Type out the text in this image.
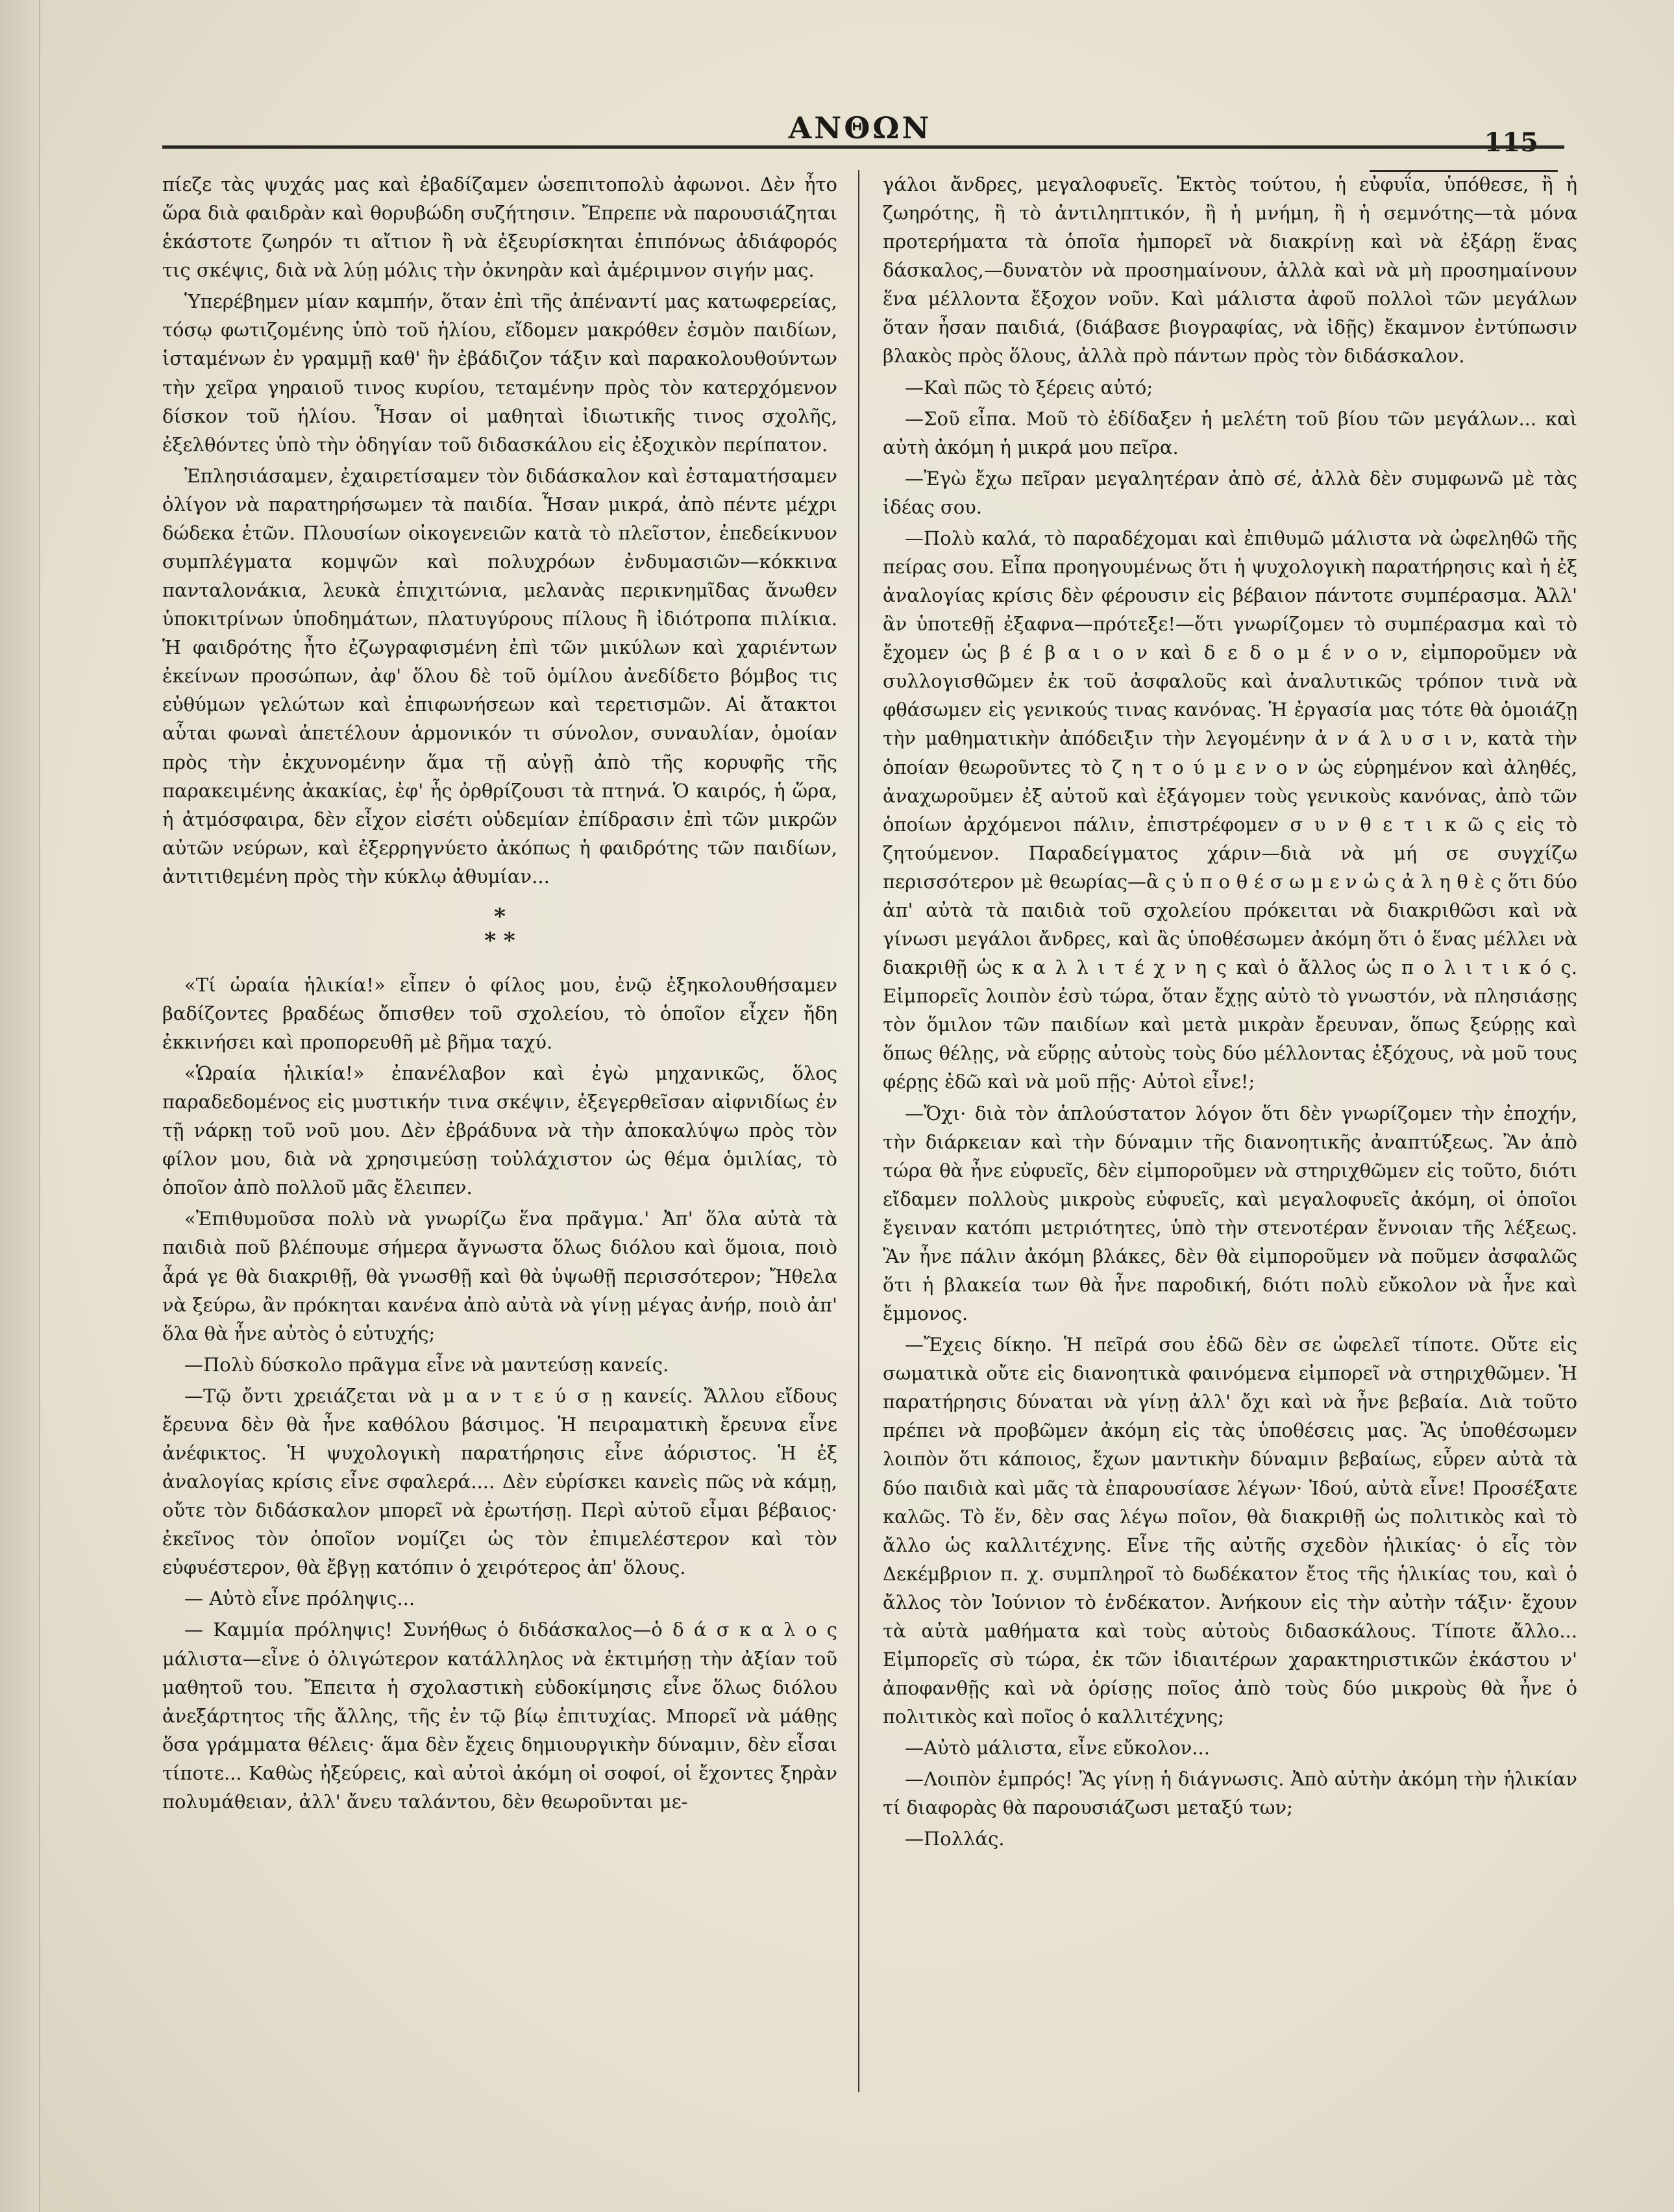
ΑΝΘΩΝ	115

πίεζε τὰς ψυχάς μας καὶ ἐβαδίζαμεν ὡσεπιτοπολὺ ἀφωνοι. Δὲν ἦτο ὥρα διὰ φαιδρὰν καὶ θορυβώδη συζήτησιν. Ἔπρεπε νὰ παρουσιάζηται ἑκάστοτε ζωηρόν τι αἴτιον ἢ νὰ ἐξευρίσκηται ἐπιπόνως ἀδιάφορός τις σκέψις, διὰ νὰ λύῃ μόλις τὴν ὀκνηρὰν καὶ ἀμέριμνον σιγήν μας.

Ὑπερέβημεν μίαν καμπήν, ὅταν ἐπὶ τῆς ἀπέναντί μας κατωφερείας, τόσῳ φωτιζομένης ὑπὸ τοῦ ἡλίου, εἴδομεν μακρόθεν ἐσμὸν παιδίων, ἱσταμένων ἐν γραμμῇ καθ' ἣν ἐβάδιζον τάξιν καὶ παρακολουθούντων τὴν χεῖρα γηραιοῦ τινος κυρίου, τεταμένην πρὸς τὸν κατερχόμενον δίσκον τοῦ ἡλίου. Ἦσαν οἱ μαθηταὶ ἰδιωτικῆς τινος σχολῆς, ἐξελθόντες ὑπὸ τὴν ὁδηγίαν τοῦ διδασκάλου εἰς ἐξοχικὸν περίπατον.

Ἐπλησιάσαμεν, ἐχαιρετίσαμεν τὸν διδάσκαλον καὶ ἐσταματήσαμεν ὀλίγον νὰ παρατηρήσωμεν τὰ παιδία. Ἦσαν μικρά, ἀπὸ πέντε μέχρι δώδεκα ἐτῶν. Πλουσίων οἰκογενειῶν κατὰ τὸ πλεῖστον, ἐπεδείκνυον συμπλέγματα κομψῶν καὶ πολυχρόων ἐνδυμασιῶν—κόκκινα πανταλονάκια, λευκὰ ἐπιχιτώνια, μελανὰς περικνημῖδας ἄνωθεν ὑποκιτρίνων ὑποδημάτων, πλατυγύρους πίλους ἢ ἰδιότροπα πιλίκια. Ἡ φαιδρότης ἦτο ἐζωγραφισμένη ἐπὶ τῶν μικύλων καὶ χαριέντων ἐκείνων προσώπων, ἀφ' ὅλου δὲ τοῦ ὁμίλου ἀνεδίδετο βόμβος τις εὐθύμων γελώτων καὶ ἐπιφωνήσεων καὶ τερετισμῶν. Αἱ ἄτακτοι αὗται φωναὶ ἀπετέλουν ἁρμονικόν τι σύνολον, συναυλίαν, ὁμοίαν πρὸς τὴν ἐκχυνομένην ἅμα τῇ αὐγῇ ἀπὸ τῆς κορυφῆς τῆς παρακειμένης ἀκακίας, ἐφ' ἧς ὀρθρίζουσι τὰ πτηνά. Ὁ καιρός, ἡ ὥρα, ἡ ἀτμόσφαιρα, δὲν εἶχον εἰσέτι οὐδεμίαν ἐπίδρασιν ἐπὶ τῶν μικρῶν αὐτῶν νεύρων, καὶ ἐξερρηγνύετο ἀκόπως ἡ φαιδρότης τῶν παιδίων, ἀντιτιθεμένη πρὸς τὴν κύκλῳ ἀθυμίαν...

*
* *

«Τί ὡραία ἡλικία!» εἶπεν ὁ φίλος μου, ἐνῷ ἐξηκολουθήσαμεν βαδίζοντες βραδέως ὄπισθεν τοῦ σχολείου, τὸ ὁποῖον εἶχεν ἤδη ἐκκινήσει καὶ προπορευθῆ μὲ βῆμα ταχύ.

«Ὡραία ἡλικία!» ἐπανέλαβον καὶ ἐγὼ μηχανικῶς, ὅλος παραδεδομένος εἰς μυστικήν τινα σκέψιν, ἐξεγερθεῖσαν αἰφνιδίως ἐν τῇ νάρκῃ τοῦ νοῦ μου. Δὲν ἐβράδυνα νὰ τὴν ἀποκαλύψω πρὸς τὸν φίλον μου, διὰ νὰ χρησιμεύσῃ τοὐλάχιστον ὡς θέμα ὁμιλίας, τὸ ὁποῖον ἀπὸ πολλοῦ μᾶς ἔλειπεν.

«Ἐπιθυμοῦσα πολὺ νὰ γνωρίζω ἕνα πρᾶγμα.' Ἀπ' ὅλα αὐτὰ τὰ παιδιὰ ποῦ βλέπουμε σήμερα ἄγνωστα ὅλως διόλου καὶ ὅμοια, ποιὸ ἆρά γε θὰ διακριθῇ, θὰ γνωσθῇ καὶ θὰ ὑψωθῇ περισσότερον; Ἤθελα νὰ ξεύρω, ἂν πρόκηται κανένα ἀπὸ αὐτὰ νὰ γίνῃ μέγας ἀνήρ, ποιὸ ἀπ' ὅλα θὰ ἦνε αὐτὸς ὁ εὐτυχής;

—Πολὺ δύσκολο πρᾶγμα εἶνε νὰ μαντεύσῃ κανείς.

—Τῷ ὄντι χρειάζεται νὰ μ α ν τ ε ύ σ ῃ κανείς. Ἄλλου εἴδους ἔρευνα δὲν θὰ ἦνε καθόλου βάσιμος. Ἡ πειραματικὴ ἔρευνα εἶνε ἀνέφικτος. Ἡ ψυχολογικὴ παρατήρησις εἶνε ἀόριστος. Ἡ ἐξ ἀναλογίας κρίσις εἶνε σφαλερά.... Δὲν εὑρίσκει κανεὶς πῶς νὰ κάμῃ, οὔτε τὸν διδάσκαλον μπορεῖ νὰ ἐρωτήσῃ. Περὶ αὐτοῦ εἶμαι βέβαιος· ἐκεῖνος τὸν ὁποῖον νομίζει ὡς τὸν ἐπιμελέστερον καὶ τὸν εὐφυέστερον, θὰ ἔβγῃ κατόπιν ὁ χειρότερος ἀπ' ὅλους.

— Αὐτὸ εἶνε πρόληψις...

— Καμμία πρόληψις! Συνήθως ὁ διδάσκαλος—ὁ δ ά σ κ α λ ο ς μάλιστα—εἶνε ὁ ὀλιγώτερον κατάλληλος νὰ ἐκτιμήσῃ τὴν ἀξίαν τοῦ μαθητοῦ του. Ἔπειτα ἡ σχολαστικὴ εὐδοκίμησις εἶνε ὅλως διόλου ἀνεξάρτητος τῆς ἄλλης, τῆς ἐν τῷ βίῳ ἐπιτυχίας. Μπορεῖ νὰ μάθῃς ὅσα γράμματα θέλεις· ἅμα δὲν ἔχεις δημιουργικὴν δύναμιν, δὲν εἶσαι τίποτε... Καθὼς ἠξεύρεις, καὶ αὐτοὶ ἀκόμη οἱ σοφοί, οἱ ἔχοντες ξηρὰν πολυμάθειαν, ἀλλ' ἄνευ ταλάντου, δὲν θεωροῦνται με-

γάλοι ἄνδρες, μεγαλοφυεῖς. Ἐκτὸς τούτου, ἡ εὐφυΐα, ὑπόθεσε, ἢ ἡ ζωηρότης, ἢ τὸ ἀντιληπτικόν, ἢ ἡ μνήμη, ἢ ἡ σεμνότης—τὰ μόνα προτερήματα τὰ ὁποῖα ἠμπορεῖ νὰ διακρίνῃ καὶ νὰ ἐξάρῃ ἕνας δάσκαλος,—δυνατὸν νὰ προσημαίνουν, ἀλλὰ καὶ νὰ μὴ προσημαίνουν ἕνα μέλλοντα ἔξοχον νοῦν. Καὶ μάλιστα ἀφοῦ πολλοὶ τῶν μεγάλων ὅταν ἦσαν παιδιά, (διάβασε βιογραφίας, νὰ ἰδῇς) ἔκαμνον ἐντύπωσιν βλακὸς πρὸς ὅλους, ἀλλὰ πρὸ πάντων πρὸς τὸν διδάσκαλον.

—Καὶ πῶς τὸ ξέρεις αὐτό;

—Σοῦ εἶπα. Μοῦ τὸ ἐδίδαξεν ἡ μελέτη τοῦ βίου τῶν μεγάλων... καὶ αὐτὴ ἀκόμη ἡ μικρά μου πεῖρα.

—Ἐγὼ ἔχω πεῖραν μεγαλητέραν ἀπὸ σέ, ἀλλὰ δὲν συμφωνῶ μὲ τὰς ἰδέας σου.

—Πολὺ καλά, τὸ παραδέχομαι καὶ ἐπιθυμῶ μάλιστα νὰ ὠφεληθῶ τῆς πείρας σου. Εἶπα προηγουμένως ὅτι ἡ ψυχολογικὴ παρατήρησις καὶ ἡ ἐξ ἀναλογίας κρίσις δὲν φέρουσιν εἰς βέβαιον πάντοτε συμπέρασμα. Ἀλλ' ἂν ὑποτεθῇ ἐξαφνα—πρότεξε!—ὅτι γνωρίζομεν τὸ συμπέρασμα καὶ τὸ ἔχομεν ὡς β έ β α ι ο ν καὶ δ ε δ ο μ έ ν ο ν, εἰμποροῦμεν νὰ συλλογισθῶμεν ἐκ τοῦ ἀσφαλοῦς καὶ ἀναλυτικῶς τρόπον τινὰ νὰ φθάσωμεν εἰς γενικούς τινας κανόνας. Ἡ ἐργασία μας τότε θὰ ὁμοιάζῃ τὴν μαθηματικὴν ἀπόδειξιν τὴν λεγομένην ἀ ν ά λ υ σ ι ν, κατὰ τὴν ὁποίαν θεωροῦντες τὸ ζ η τ ο ύ μ ε ν ο ν ὡς εὑρημένον καὶ ἀληθές, ἀναχωροῦμεν ἐξ αὐτοῦ καὶ ἐξάγομεν τοὺς γενικοὺς κανόνας, ἀπὸ τῶν ὁποίων ἀρχόμενοι πάλιν, ἐπιστρέφομεν σ υ ν θ ε τ ι κ ῶ ς εἰς τὸ ζητούμενον. Παραδείγματος χάριν—διὰ νὰ μή σε συγχίζω περισσότερον μὲ θεωρίας—ἂ ς ὑ π ο θ έ σ ω μ ε ν ὡ ς ἀ λ η θ ὲ ς ὅτι δύο ἀπ' αὐτὰ τὰ παιδιὰ τοῦ σχολείου πρόκειται νὰ διακριθῶσι καὶ νὰ γίνωσι μεγάλοι ἄνδρες, καὶ ἂς ὑποθέσωμεν ἀκόμη ὅτι ὁ ἕνας μέλλει νὰ διακριθῇ ὡς κ α λ λ ι τ έ χ ν η ς καὶ ὁ ἄλλος ὡς π ο λ ι τ ι κ ό ς. Εἰμπορεῖς λοιπὸν ἐσὺ τώρα, ὅταν ἔχῃς αὐτὸ τὸ γνωστόν, νὰ πλησιάσῃς τὸν ὅμιλον τῶν παιδίων καὶ μετὰ μικρὰν ἔρευναν, ὅπως ξεύρῃς καὶ ὅπως θέλῃς, νὰ εὕρῃς αὐτοὺς τοὺς δύο μέλλοντας ἐξόχους, νὰ μοῦ τους φέρῃς ἐδῶ καὶ νὰ μοῦ πῇς· Αὐτοὶ εἶνε!;

—Ὄχι· διὰ τὸν ἁπλούστατον λόγον ὅτι δὲν γνωρίζομεν τὴν ἐποχήν, τὴν διάρκειαν καὶ τὴν δύναμιν τῆς διανοητικῆς ἀναπτύξεως. Ἂν ἀπὸ τώρα θὰ ἦνε εὐφυεῖς, δὲν εἰμποροῦμεν νὰ στηριχθῶμεν εἰς τοῦτο, διότι εἴδαμεν πολλοὺς μικροὺς εὐφυεῖς, καὶ μεγαλοφυεῖς ἀκόμη, οἱ ὁποῖοι ἔγειναν κατόπι μετριότητες, ὑπὸ τὴν στενοτέραν ἔννοιαν τῆς λέξεως. Ἂν ἦνε πάλιν ἀκόμη βλάκες, δὲν θὰ εἰμποροῦμεν νὰ ποῦμεν ἀσφαλῶς ὅτι ἡ βλακεία των θὰ ἦνε παροδική, διότι πολὺ εὔκολον νὰ ἦνε καὶ ἔμμονος.

—Ἔχεις δίκηο. Ἡ πεῖρά σου ἐδῶ δὲν σε ὠφελεῖ τίποτε. Οὔτε εἰς σωματικὰ οὔτε εἰς διανοητικὰ φαινόμενα εἰμπορεῖ νὰ στηριχθῶμεν. Ἡ παρατήρησις δύναται νὰ γίνῃ ἀλλ' ὄχι καὶ νὰ ἦνε βεβαία. Διὰ τοῦτο πρέπει νὰ προβῶμεν ἀκόμη εἰς τὰς ὑποθέσεις μας. Ἂς ὑποθέσωμεν λοιπὸν ὅτι κάποιος, ἔχων μαντικὴν δύναμιν βεβαίως, εὗρεν αὐτὰ τὰ δύο παιδιὰ καὶ μᾶς τὰ ἐπαρουσίασε λέγων· Ἰδού, αὐτὰ εἶνε! Προσέξατε καλῶς. Τὸ ἕν, δὲν σας λέγω ποῖον, θὰ διακριθῇ ὡς πολιτικὸς καὶ τὸ ἄλλο ὡς καλλιτέχνης. Εἶνε τῆς αὐτῆς σχεδὸν ἡλικίας· ὁ εἷς τὸν Δεκέμβριον π. χ. συμπληροῖ τὸ δωδέκατον ἔτος τῆς ἡλικίας του, καὶ ὁ ἄλλος τὸν Ἰούνιον τὸ ἑνδέκατον. Ἀνήκουν εἰς τὴν αὐτὴν τάξιν· ἔχουν τὰ αὐτὰ μαθήματα καὶ τοὺς αὐτοὺς διδασκάλους. Τίποτε ἄλλο... Εἰμπορεῖς σὺ τώρα, ἐκ τῶν ἰδιαιτέρων χαρακτηριστικῶν ἑκάστου ν' ἀποφανθῇς καὶ νὰ ὁρίσῃς ποῖος ἀπὸ τοὺς δύο μικροὺς θὰ ἦνε ὁ πολιτικὸς καὶ ποῖος ὁ καλλιτέχνης;

—Αὐτὸ μάλιστα, εἶνε εὔκολον...

—Λοιπὸν ἐμπρός! Ἂς γίνῃ ἡ διάγνωσις. Ἀπὸ αὐτὴν ἀκόμη τὴν ἡλικίαν τί διαφορὰς θὰ παρουσιάζωσι μεταξύ των;

—Πολλάς.
